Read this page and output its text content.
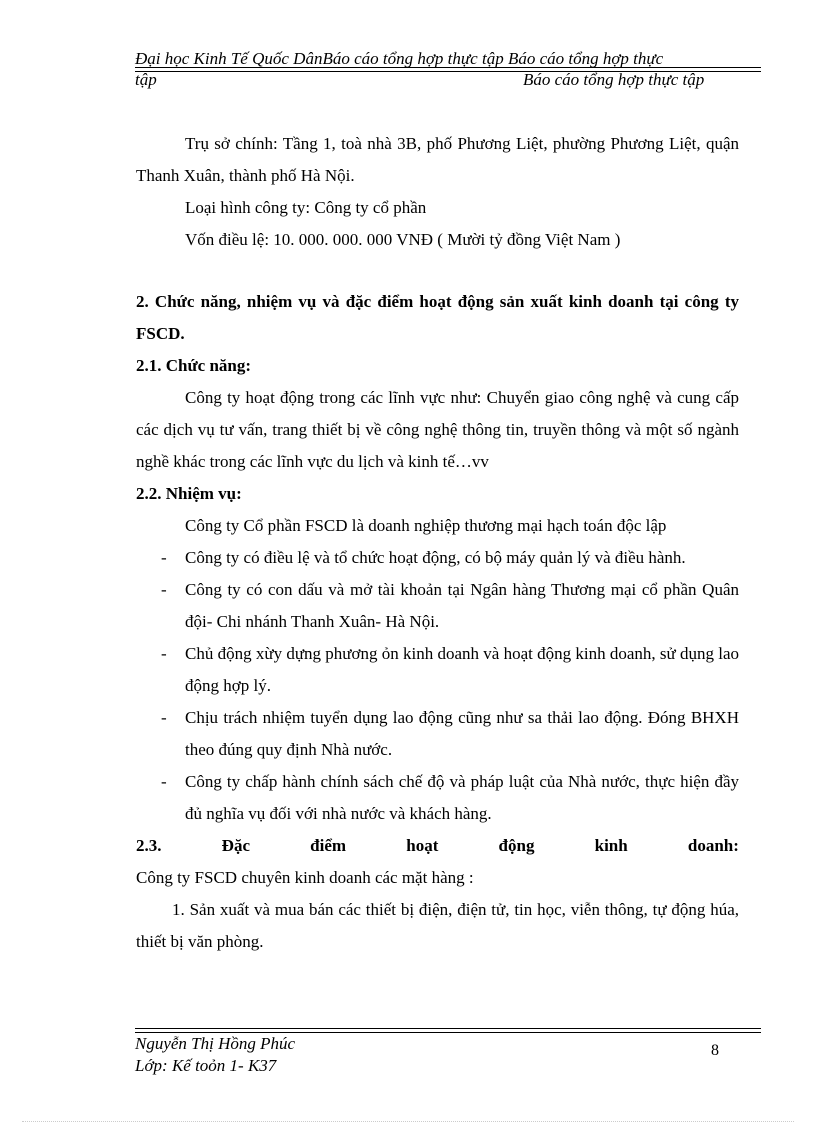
Đại học Kinh Tế Quốc DânBáo cáo tổng hợp thực tập Báo cáo tổng hợp thực
tập	Báo cáo tổng hợp thực tập

Trụ sở chính: Tầng 1, toà nhà 3B, phố Phương Liệt, phường Phương Liệt, quận Thanh Xuân, thành phố Hà Nội.

Loại hình công ty: Công ty cổ phần

Vốn điều lệ: 10. 000. 000. 000 VNĐ ( Mười tỷ đồng Việt Nam )

2. Chức năng, nhiệm vụ và đặc điểm hoạt động sản xuất kinh doanh tại công ty FSCD.

2.1. Chức năng:

Công ty hoạt động trong các lĩnh vực như: Chuyển giao công nghệ và cung cấp các dịch vụ tư vấn, trang thiết bị về công nghệ thông tin, truyền thông và một số ngành nghề khác trong các lĩnh vực du lịch và kinh tế…vv

2.2. Nhiệm vụ:

Công ty Cổ phần FSCD là doanh nghiệp thương mại hạch toán độc lập

- Công ty có điều lệ và tổ chức hoạt động, có bộ máy quản lý và điều hành.
- Công ty có con dấu và mở tài khoản tại Ngân hàng Thương mại cổ phần Quân đội- Chi nhánh Thanh Xuân- Hà Nội.
- Chủ động xừy dựng phương ỏn kinh doanh và hoạt động kinh doanh, sử dụng lao động hợp lý.
- Chịu trách nhiệm tuyển dụng lao động cũng như sa thải lao động. Đóng BHXH theo đúng quy định Nhà nước.
- Công ty chấp hành chính sách chế độ và pháp luật của Nhà nước, thực hiện đầy đủ nghĩa vụ đối với nhà nước và khách hàng.
2.3.	Đặc	điểm	hoạt	động	kinh	doanh:

Công ty FSCD chuyên kinh doanh các mặt hàng :

1. Sản xuất và mua bán các thiết bị điện, điện tử, tin học, viễn thông, tự động húa, thiết bị văn phòng.

Nguyễn Thị Hồng Phúc
Lớp: Kế toỏn 1- K37
8
